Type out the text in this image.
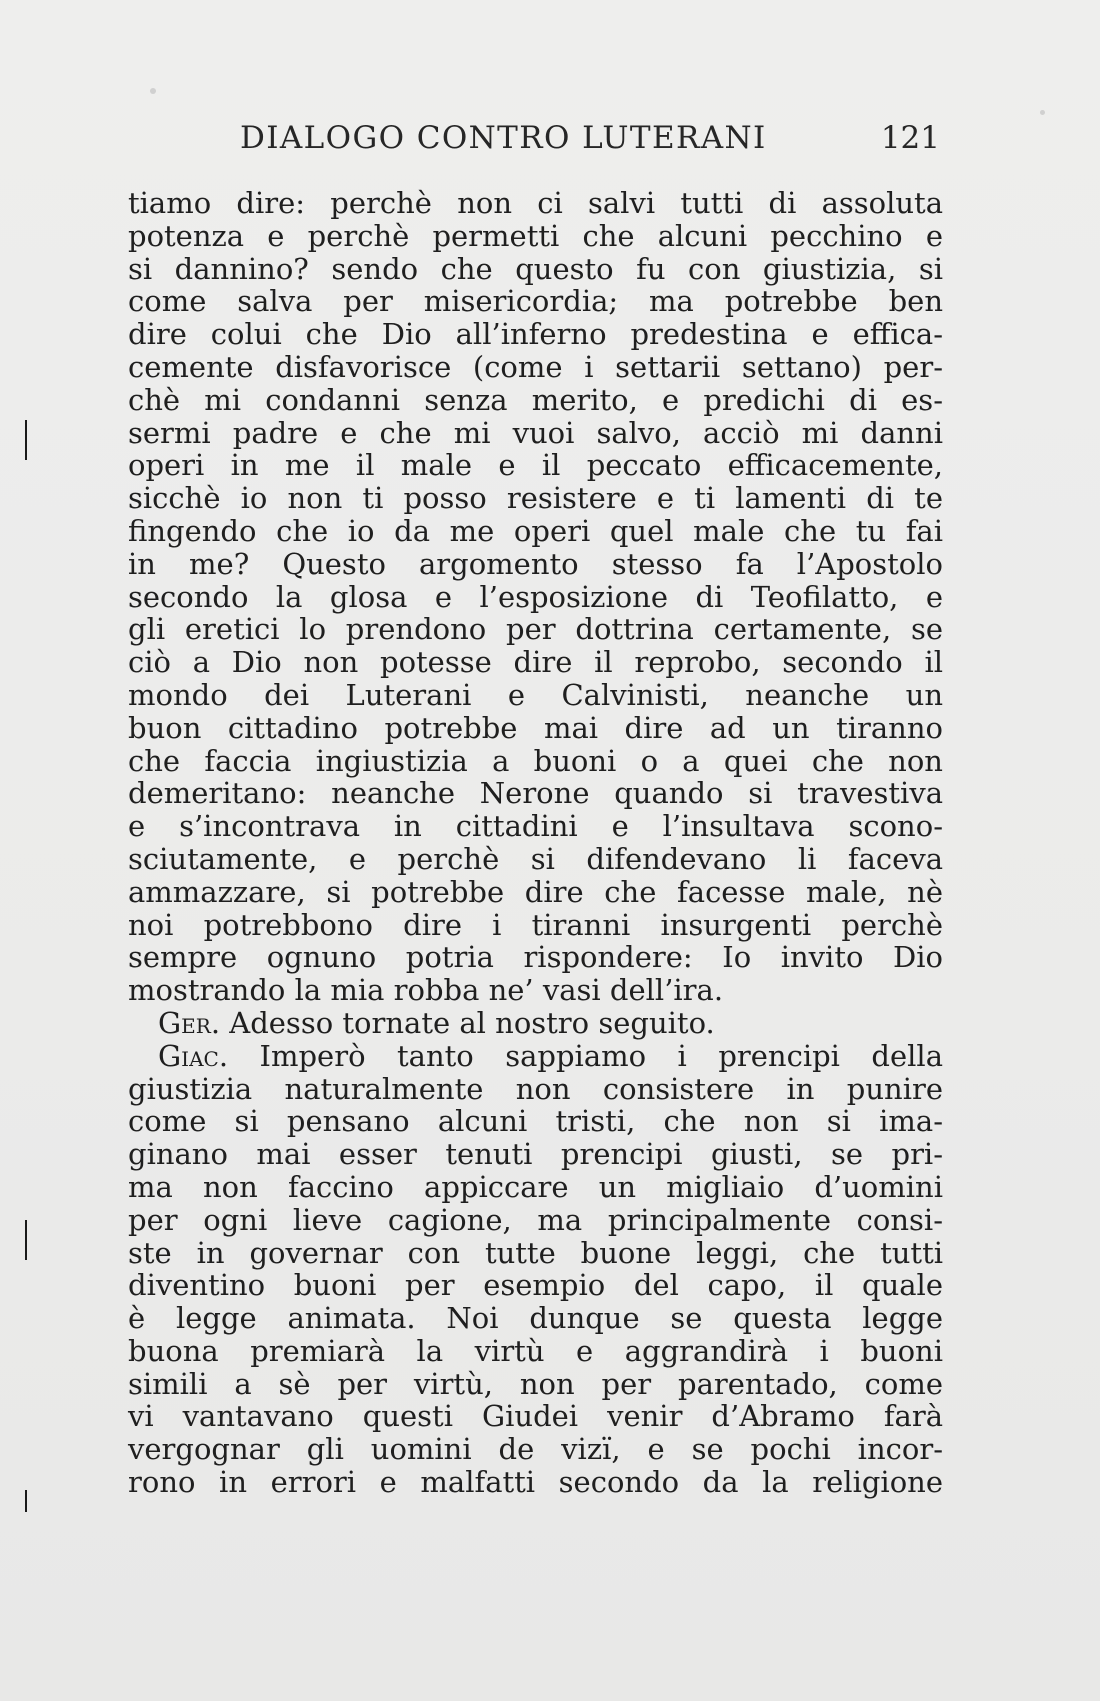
DIALOGO CONTRO LUTERANI	121
tiamo dire: perchè non ci salvi tutti di assoluta
potenza e perchè permetti che alcuni pecchino e
si dannino? sendo che questo fu con giustizia, si
come salva per misericordia; ma potrebbe ben
dire colui che Dio all’inferno predestina e effica-
cemente disfavorisce (come i settarii settano) per-
chè mi condanni senza merito, e predichi di es-
sermi padre e che mi vuoi salvo, acciò mi danni
operi in me il male e il peccato efficacemente,
sicchè io non ti posso resistere e ti lamenti di te
fingendo che io da me operi quel male che tu fai
in me? Questo argomento stesso fa l’Apostolo
secondo la glosa e l’esposizione di Teofilatto, e
gli eretici lo prendono per dottrina certamente, se
ciò a Dio non potesse dire il reprobo, secondo il
mondo dei Luterani e Calvinisti, neanche un
buon cittadino potrebbe mai dire ad un tiranno
che faccia ingiustizia a buoni o a quei che non
demeritano: neanche Nerone quando si travestiva
e s’incontrava in cittadini e l’insultava scono-
sciutamente, e perchè si difendevano li faceva
ammazzare, si potrebbe dire che facesse male, nè
noi potrebbono dire i tiranni insurgenti perchè
sempre ognuno potria rispondere: Io invito Dio
mostrando la mia robba ne’ vasi dell’ira.
Ger. Adesso tornate al nostro seguito.
Giac. Imperò tanto sappiamo i prencipi della
giustizia naturalmente non consistere in punire
come si pensano alcuni tristi, che non si ima-
ginano mai esser tenuti prencipi giusti, se pri-
ma non faccino appiccare un migliaio d’uomini
per ogni lieve cagione, ma principalmente consi-
ste in governar con tutte buone leggi, che tutti
diventino buoni per esempio del capo, il quale
è legge animata. Noi dunque se questa legge
buona premiarà la virtù e aggrandirà i buoni
simili a sè per virtù, non per parentado, come
vi vantavano questi Giudei venir d’Abramo farà
vergognar gli uomini de vizï, e se pochi incor-
rono in errori e malfatti secondo da la religione
